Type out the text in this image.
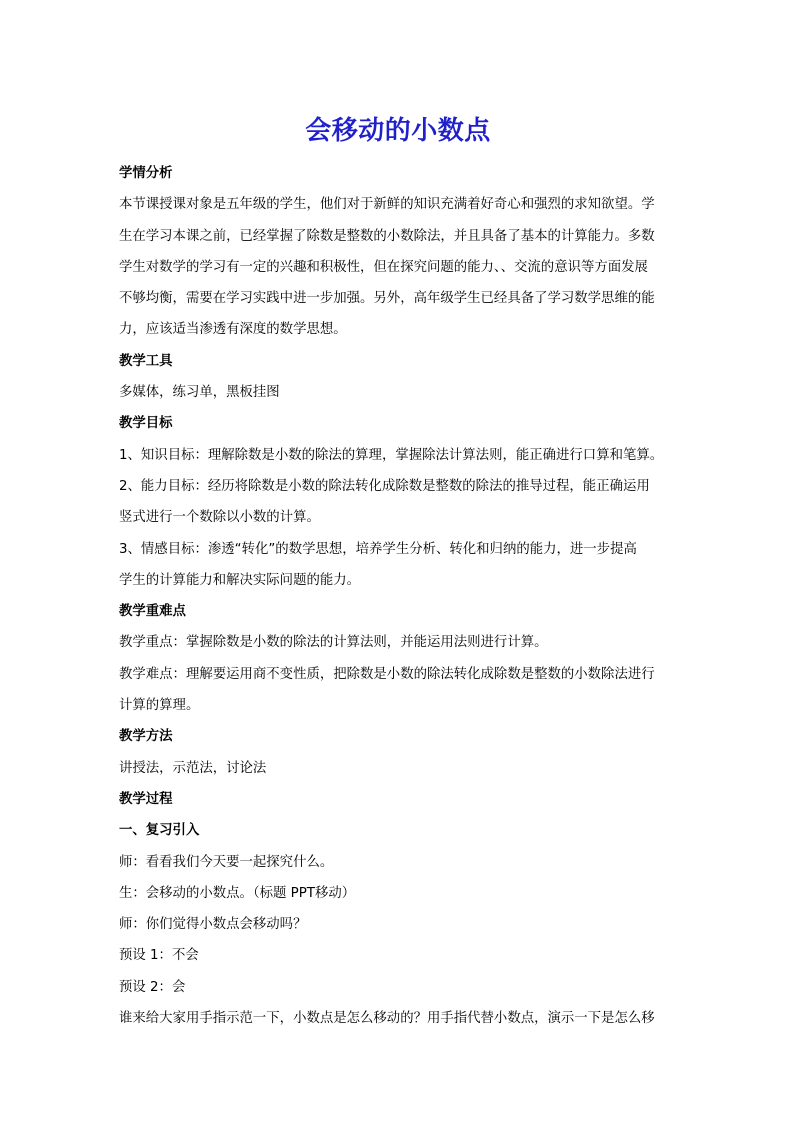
会移动的小数点

学情分析

本节课授课对象是五年级的学生，他们对于新鲜的知识充满着好奇心和强烈的求知欲望。学

生在学习本课之前，已经掌握了除数是整数的小数除法，并且具备了基本的计算能力。多数

学生对数学的学习有一定的兴趣和积极性，但在探究问题的能力、、交流的意识等方面发展

不够均衡，需要在学习实践中进一步加强。另外，高年级学生已经具备了学习数学思维的能

力，应该适当渗透有深度的数学思想。

教学工具

多媒体，练习单，黑板挂图

教学目标

1、知识目标：理解除数是小数的除法的算理，掌握除法计算法则，能正确进行口算和笔算。

2、能力目标：经历将除数是小数的除法转化成除数是整数的除法的推导过程，能正确运用

竖式进行一个数除以小数的计算。

3、情感目标：渗透“转化”的数学思想，培养学生分析、转化和归纳的能力，进一步提高

学生的计算能力和解决实际问题的能力。

教学重难点

教学重点：掌握除数是小数的除法的计算法则，并能运用法则进行计算。

教学难点：理解要运用商不变性质，把除数是小数的除法转化成除数是整数的小数除法进行

计算的算理。

教学方法

讲授法，示范法，讨论法

教学过程

一、复习引入

师：看看我们今天要一起探究什么。

生：会移动的小数点。（标题 PPT移动）

师：你们觉得小数点会移动吗？

预设 1：不会

预设 2：会

谁来给大家用手指示范一下，小数点是怎么移动的？用手指代替小数点，演示一下是怎么移
